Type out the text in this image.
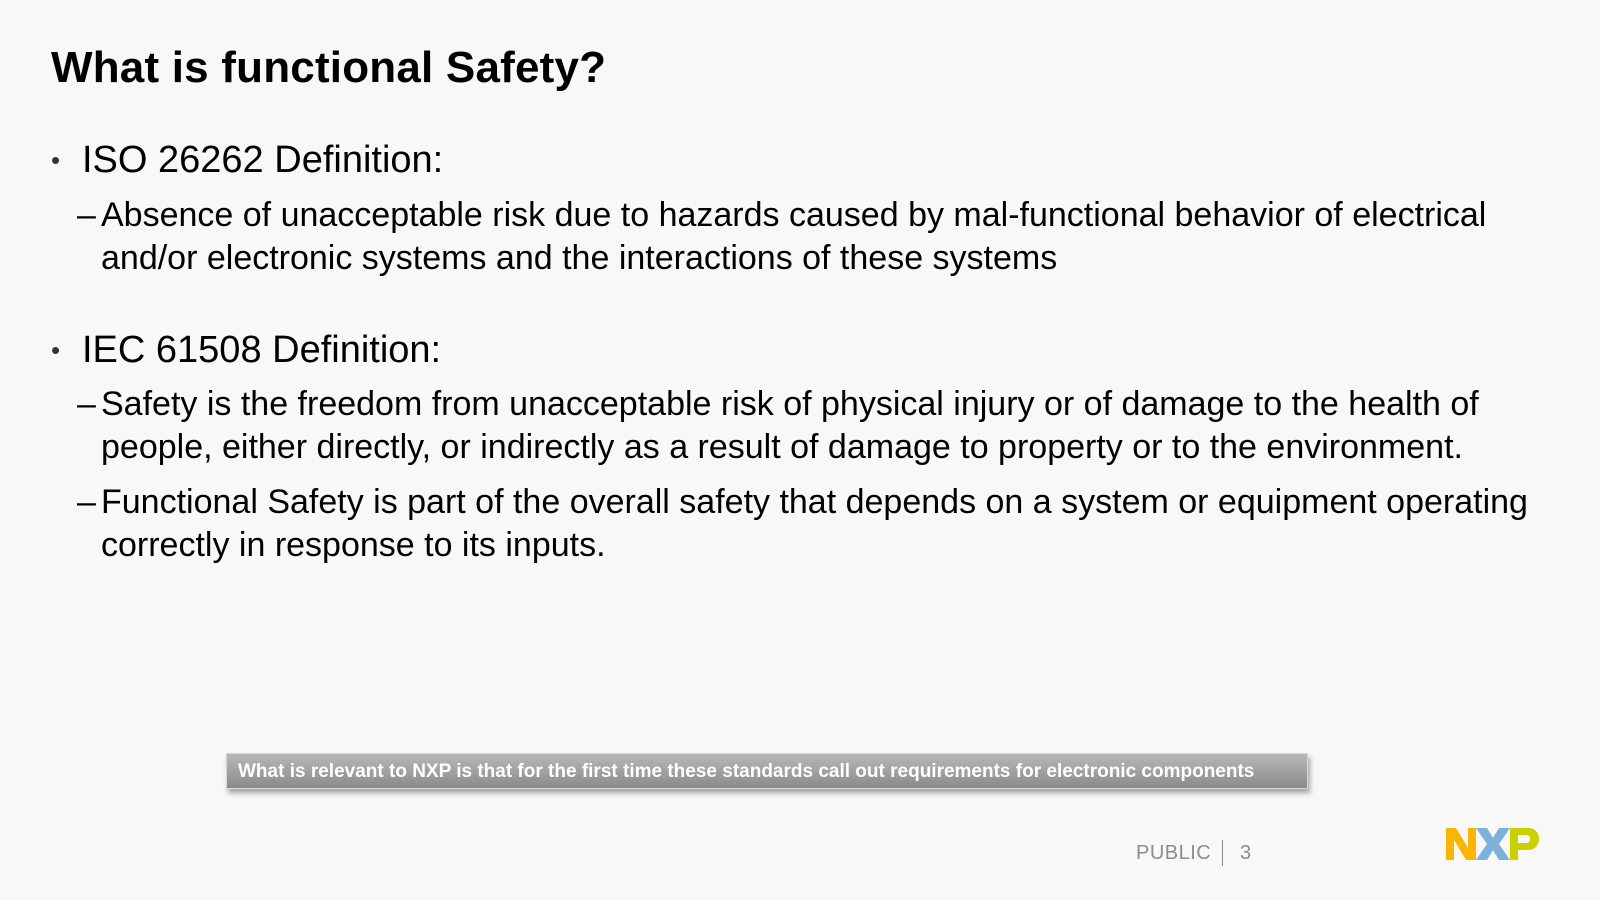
What is functional Safety?
• ISO 26262 Definition:
– Absence of unacceptable risk due to hazards caused by mal-functional behavior of electrical and/or electronic systems and the interactions of these systems
• IEC 61508 Definition:
– Safety is the freedom from unacceptable risk of physical injury or of damage to the health of people, either directly, or indirectly as a result of damage to property or to the environment.
– Functional Safety is part of the overall safety that depends on a system or equipment operating correctly in response to its inputs.
What is relevant to NXP is that for the first time these standards call out requirements for electronic components
PUBLIC 3
